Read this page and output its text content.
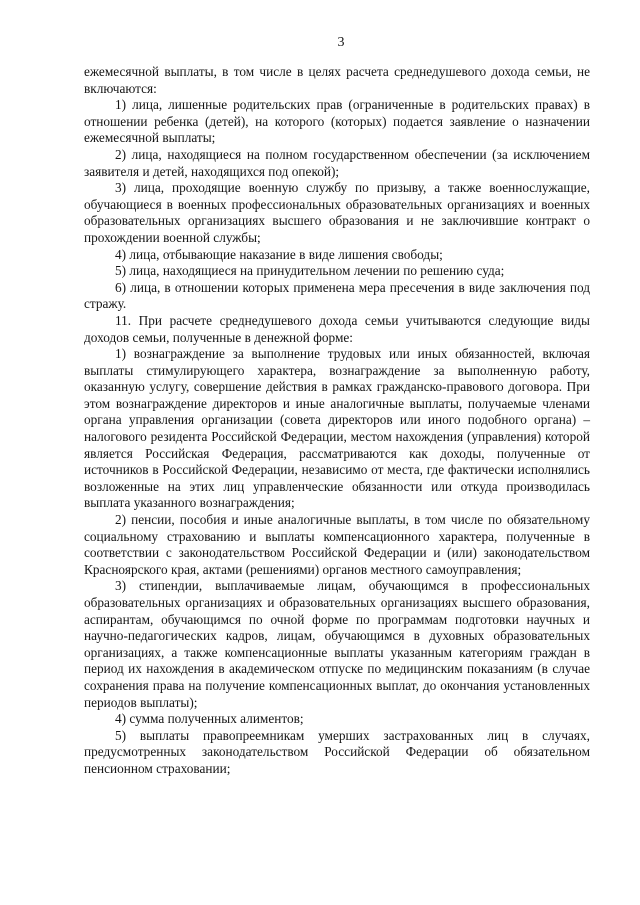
3

ежемесячной выплаты, в том числе в целях расчета среднедушевого дохода семьи, не включаются:

1) лица, лишенные родительских прав (ограниченные в родительских правах) в отношении ребенка (детей), на которого (которых) подается заявление о назначении ежемесячной выплаты;

2) лица, находящиеся на полном государственном обеспечении (за исключением заявителя и детей, находящихся под опекой);

3) лица, проходящие военную службу по призыву, а также военнослужащие, обучающиеся в военных профессиональных образовательных организациях и военных образовательных организациях высшего образования и не заключившие контракт о прохождении военной службы;

4) лица, отбывающие наказание в виде лишения свободы;

5) лица, находящиеся на принудительном лечении по решению суда;

6) лица, в отношении которых применена мера пресечения в виде заключения под стражу.

11. При расчете среднедушевого дохода семьи учитываются следующие виды доходов семьи, полученные в денежной форме:

1) вознаграждение за выполнение трудовых или иных обязанностей, включая выплаты стимулирующего характера, вознаграждение за выполненную работу, оказанную услугу, совершение действия в рамках гражданско-правового договора. При этом вознаграждение директоров и иные аналогичные выплаты, получаемые членами органа управления организации (совета директоров или иного подобного органа) – налогового резидента Российской Федерации, местом нахождения (управления) которой является Российская Федерация, рассматриваются как доходы, полученные от источников в Российской Федерации, независимо от места, где фактически исполнялись возложенные на этих лиц управленческие обязанности или откуда производилась выплата указанного вознаграждения;

2) пенсии, пособия и иные аналогичные выплаты, в том числе по обязательному социальному страхованию и выплаты компенсационного характера, полученные в соответствии с законодательством Российской Федерации и (или) законодательством Красноярского края, актами (решениями) органов местного самоуправления;

3) стипендии, выплачиваемые лицам, обучающимся в профессиональных образовательных организациях и образовательных организациях высшего образования, аспирантам, обучающимся по очной форме по программам подготовки научных и научно-педагогических кадров, лицам, обучающимся в духовных образовательных организациях, а также компенсационные выплаты указанным категориям граждан в период их нахождения в академическом отпуске по медицинским показаниям (в случае сохранения права на получение компенсационных выплат, до окончания установленных периодов выплаты);

4) сумма полученных алиментов;

5) выплаты правопреемникам умерших застрахованных лиц в случаях, предусмотренных законодательством Российской Федерации об обязательном пенсионном страховании;
